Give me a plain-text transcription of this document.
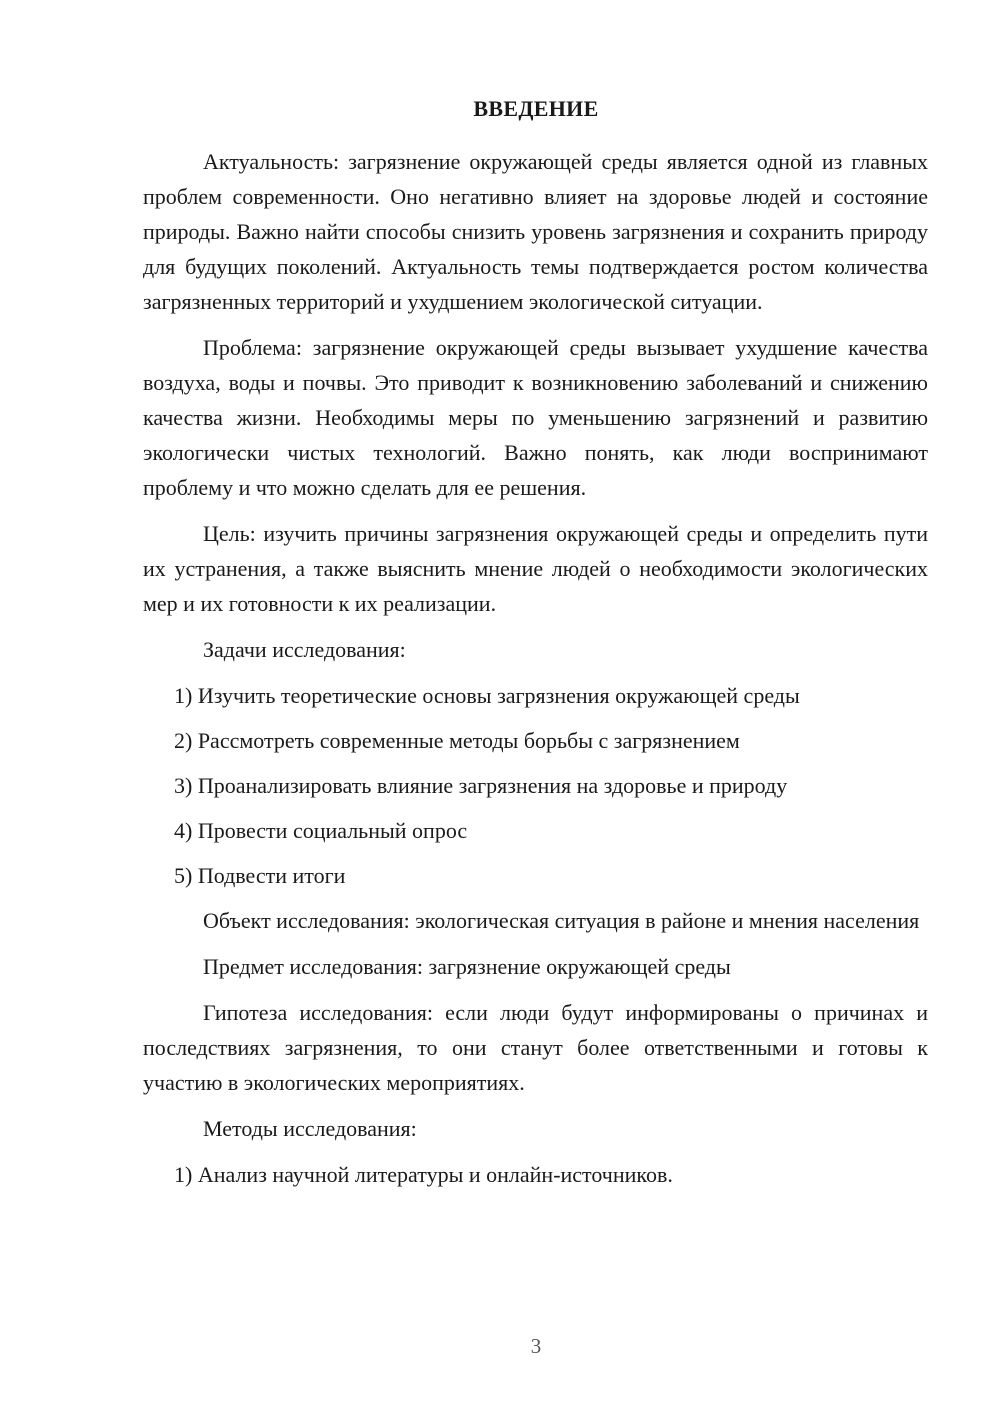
ВВЕДЕНИЕ

Актуальность: загрязнение окружающей среды является одной из главных проблем современности. Оно негативно влияет на здоровье людей и состояние природы. Важно найти способы снизить уровень загрязнения и сохранить природу для будущих поколений. Актуальность темы подтверждается ростом количества загрязненных территорий и ухудшением экологической ситуации.

Проблема: загрязнение окружающей среды вызывает ухудшение качества воздуха, воды и почвы. Это приводит к возникновению заболеваний и снижению качества жизни. Необходимы меры по уменьшению загрязнений и развитию экологически чистых технологий. Важно понять, как люди воспринимают проблему и что можно сделать для ее решения.

Цель: изучить причины загрязнения окружающей среды и определить пути их устранения, а также выяснить мнение людей о необходимости экологических мер и их готовности к их реализации.

Задачи исследования:

1) Изучить теоретические основы загрязнения окружающей среды

2) Рассмотреть современные методы борьбы с загрязнением

3) Проанализировать влияние загрязнения на здоровье и природу

4) Провести социальный опрос

5) Подвести итоги

Объект исследования: экологическая ситуация в районе и мнения населения

Предмет исследования: загрязнение окружающей среды

Гипотеза исследования: если люди будут информированы о причинах и последствиях загрязнения, то они станут более ответственными и готовы к участию в экологических мероприятиях.

Методы исследования:

1) Анализ научной литературы и онлайн-источников.

3
